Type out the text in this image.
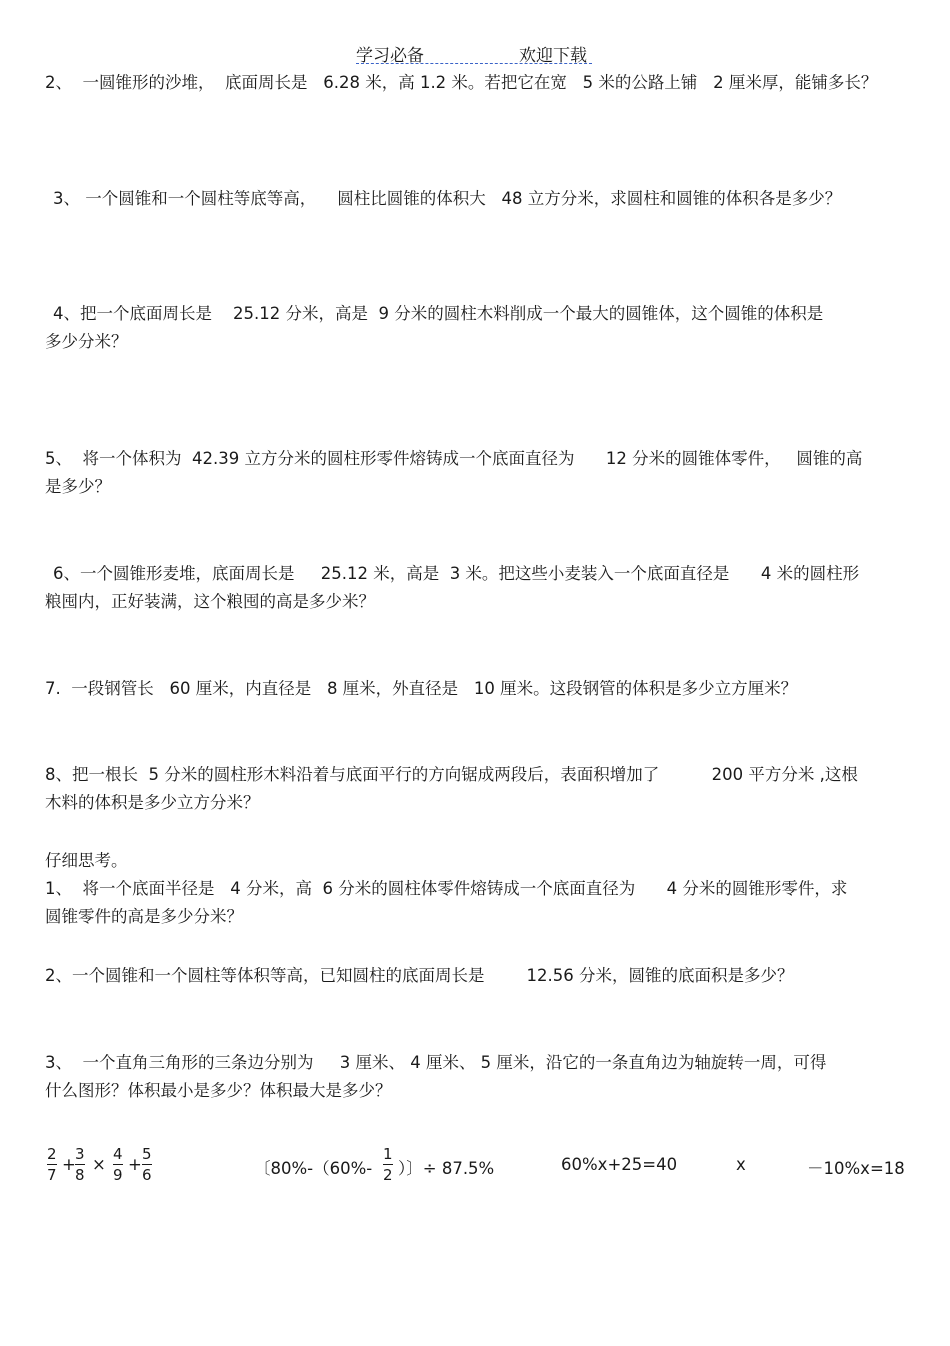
学习必备	欢迎下载
2、  一圆锥形的沙堆，  底面周长是   6.28 米，高 1.2 米。若把它在宽   5 米的公路上铺   2 厘米厚，能铺多长？
3、 一个圆锥和一个圆柱等底等高，    圆柱比圆锥的体积大   48 立方分米，求圆柱和圆锥的体积各是多少？
4、把一个底面周长是    25.12 分米，高是  9 分米的圆柱木料削成一个最大的圆锥体，这个圆锥的体积是
多少分米？
5、  将一个体积为  42.39 立方分米的圆柱形零件熔铸成一个底面直径为      12 分米的圆锥体零件，   圆锥的高
是多少？
6、一个圆锥形麦堆，底面周长是     25.12 米，高是  3 米。把这些小麦装入一个底面直径是      4 米的圆柱形
粮囤内，正好装满，这个粮囤的高是多少米？
7.  一段钢管长   60 厘米，内直径是   8 厘米，外直径是   10 厘米。这段钢管的体积是多少立方厘米？
8、把一根长  5 分米的圆柱形木料沿着与底面平行的方向锯成两段后，表面积增加了          200 平方分米 ,这根
木料的体积是多少立方分米？
仔细思考。
1、  将一个底面半径是   4 分米，高  6 分米的圆柱体零件熔铸成一个底面直径为      4 分米的圆锥形零件，求
圆锥零件的高是多少分米？
2、一个圆锥和一个圆柱等体积等高，已知圆柱的底面周长是        12.56 分米，圆锥的底面积是多少？
3、  一个直角三角形的三条边分别为     3 厘米、 4 厘米、 5 厘米，沿它的一条直角边为轴旋转一周，可得
什么图形？体积最小是多少？体积最大是多少？
2
7
+
3
8
×
4
9
+
5
6	〔80%-（60%-
1
2 ）〕÷ 87.5%	60%x+25=40	x	－10%x=18
